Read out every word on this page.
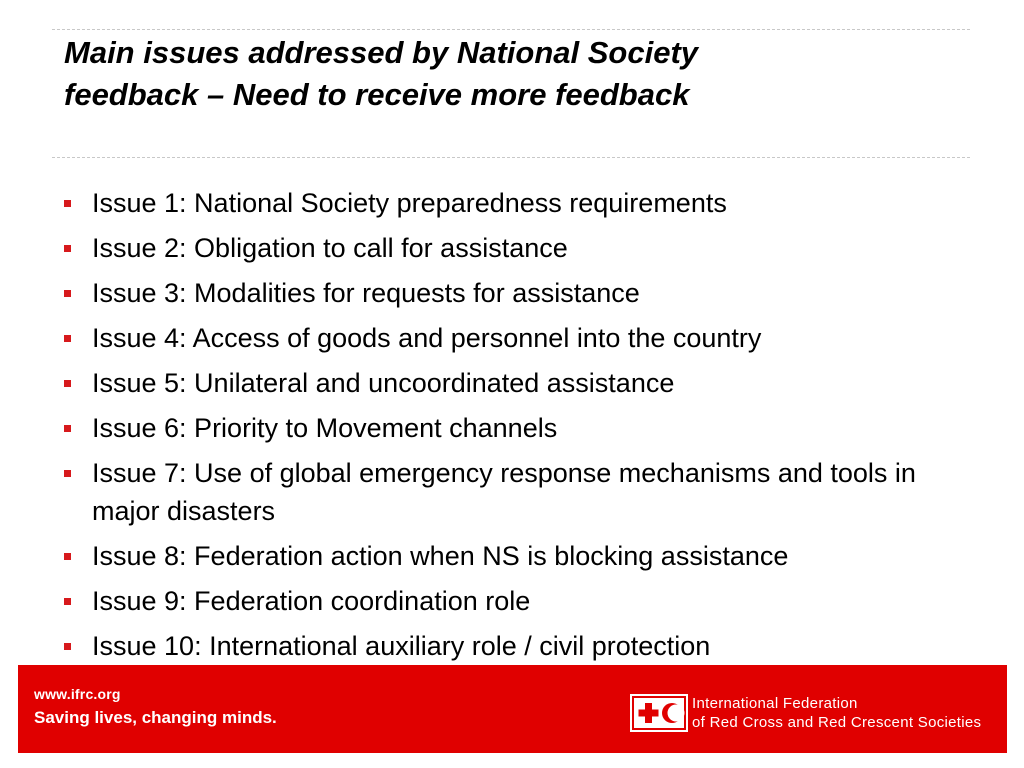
Main issues addressed by National Society
feedback – Need to receive more feedback
Issue 1: National Society preparedness requirements
Issue 2: Obligation to call for assistance
Issue 3: Modalities for requests for assistance
Issue 4: Access of goods and personnel into the country
Issue 5: Unilateral and uncoordinated assistance
Issue 6: Priority to Movement channels
Issue 7: Use of global emergency response mechanisms and tools in major disasters
Issue 8: Federation action when NS is blocking assistance
Issue 9: Federation coordination role
Issue 10: International auxiliary role / civil protection
www.ifrc.org
Saving lives, changing minds.
International Federation
of Red Cross and Red Crescent Societies
